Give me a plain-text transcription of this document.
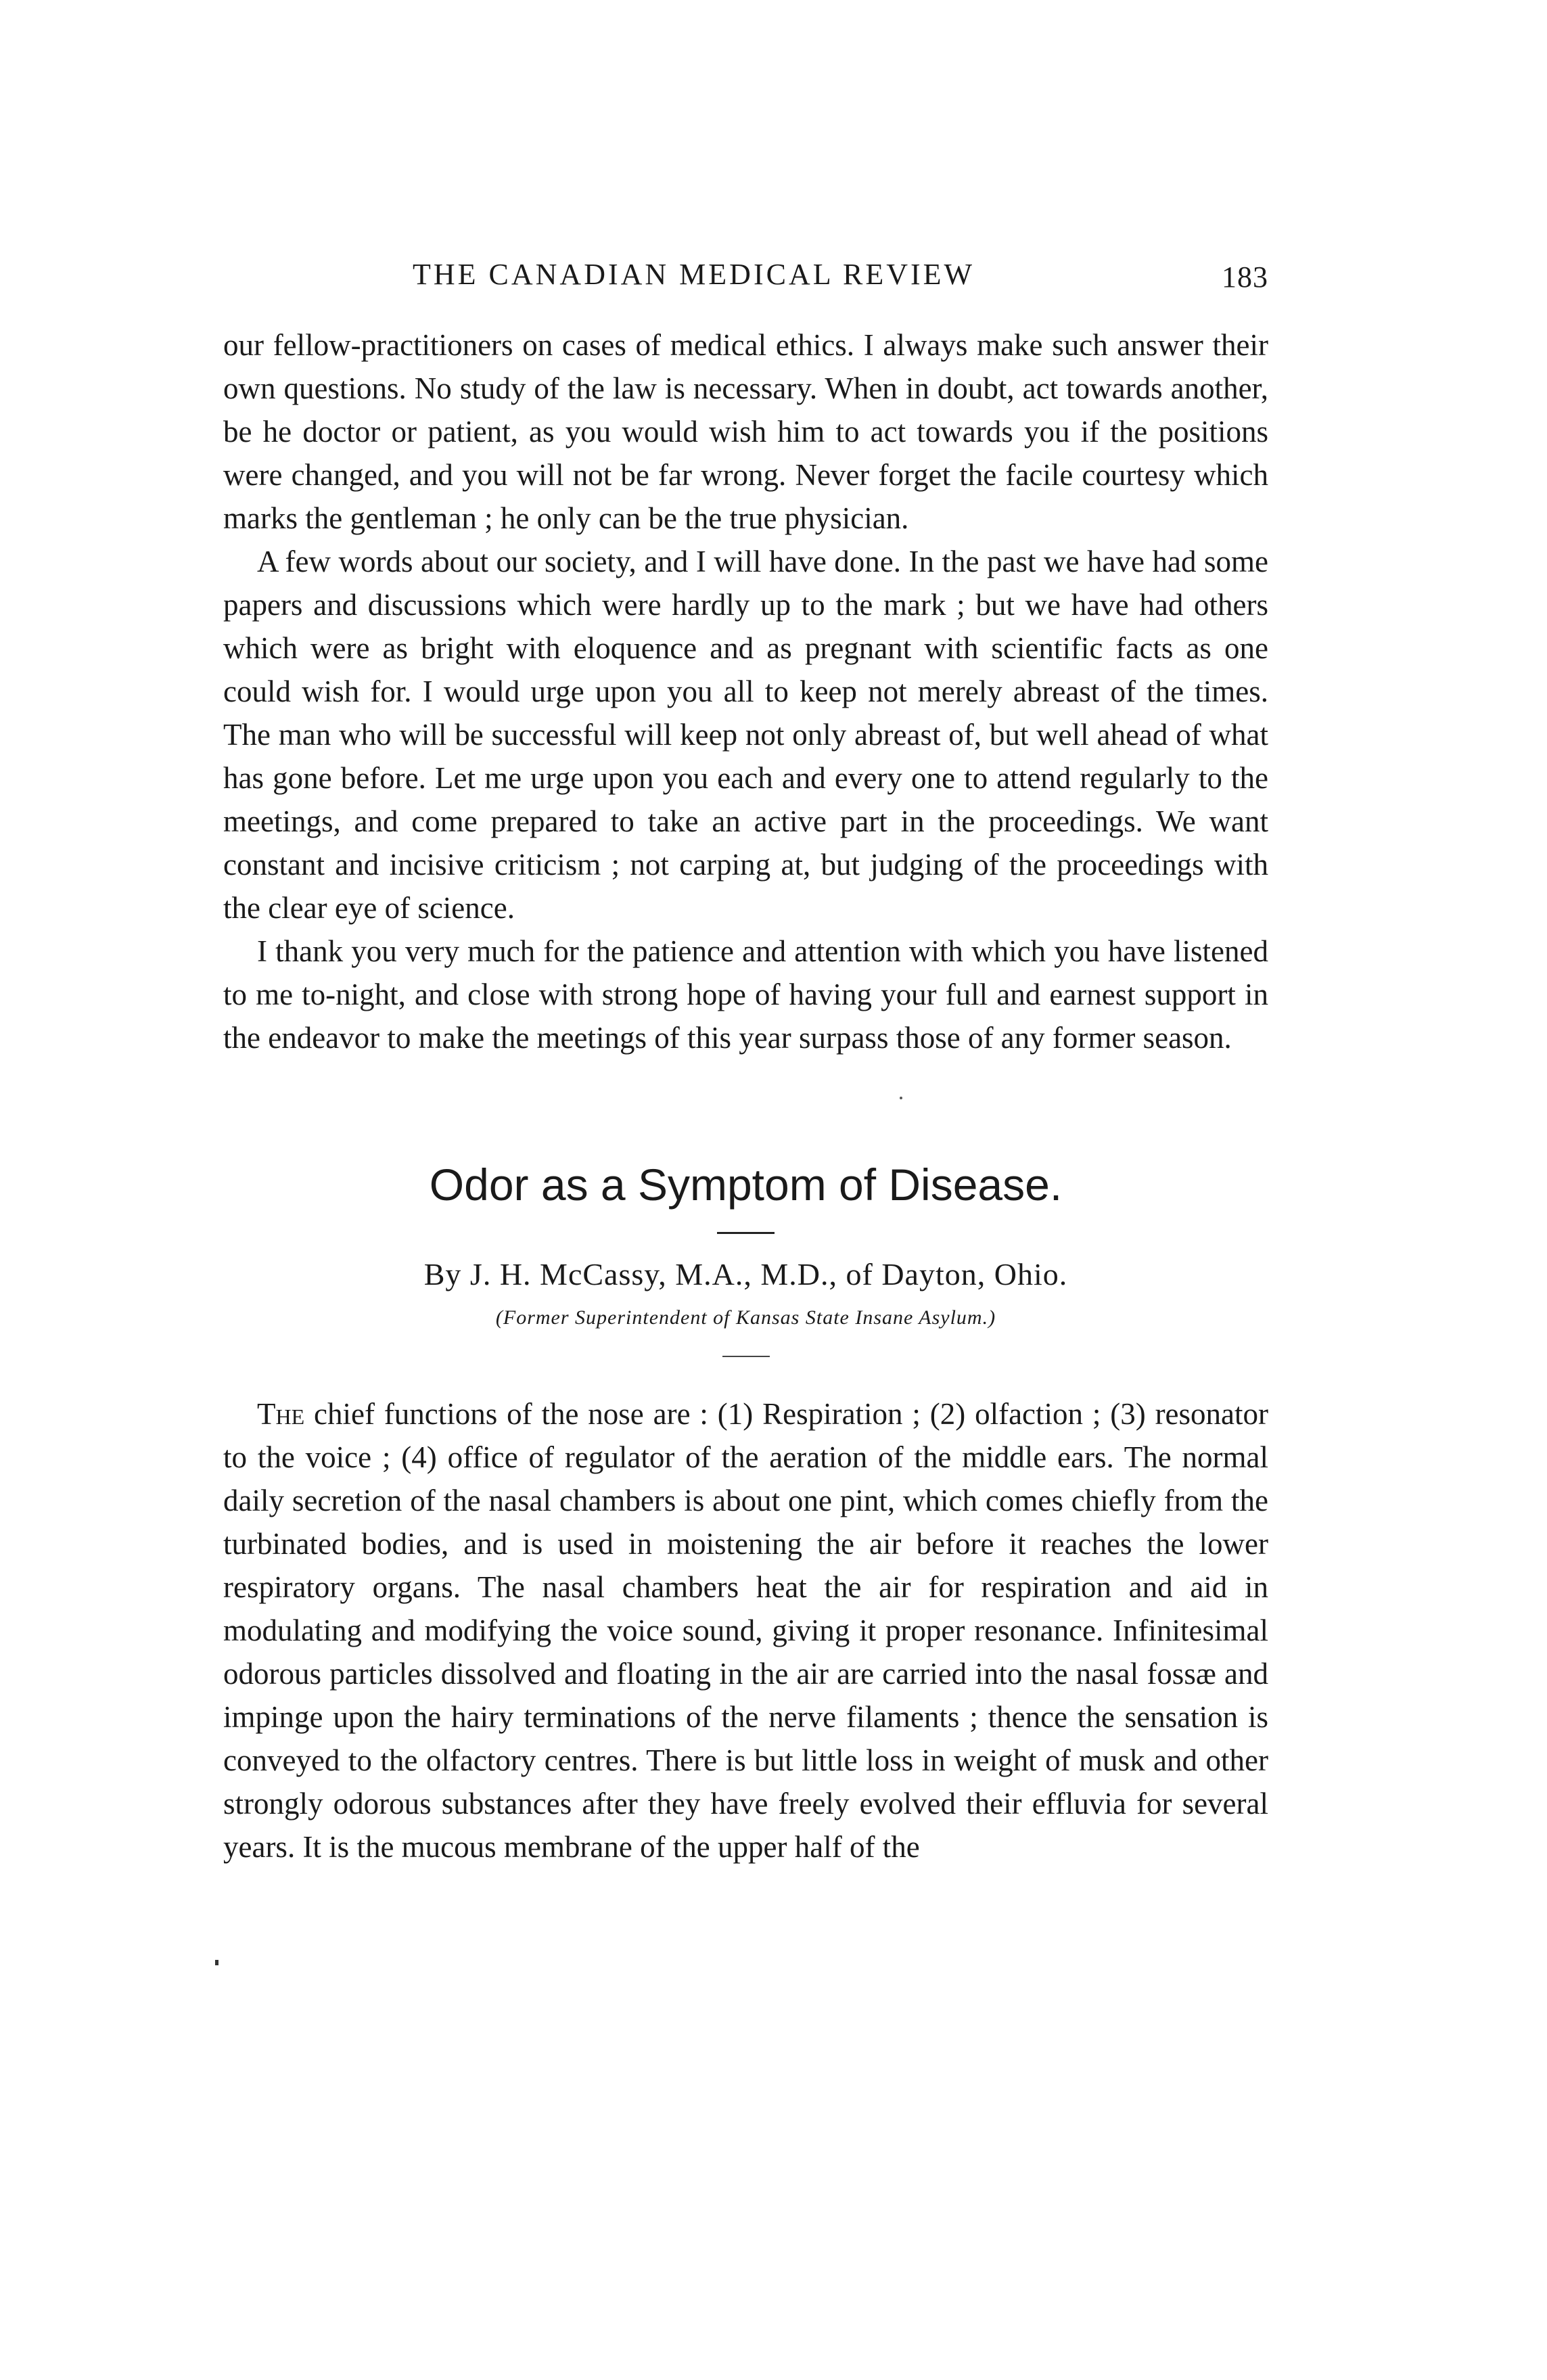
THE CANADIAN MEDICAL REVIEW	183

our fellow-practitioners on cases of medical ethics. I always make such answer their own questions. No study of the law is necessary. When in doubt, act towards another, be he doctor or patient, as you would wish him to act towards you if the positions were changed, and you will not be far wrong. Never forget the facile courtesy which marks the gentleman ; he only can be the true physician.

A few words about our society, and I will have done. In the past we have had some papers and discussions which were hardly up to the mark ; but we have had others which were as bright with eloquence and as pregnant with scientific facts as one could wish for. I would urge upon you all to keep not merely abreast of the times. The man who will be successful will keep not only abreast of, but well ahead of what has gone before. Let me urge upon you each and every one to attend regularly to the meetings, and come prepared to take an active part in the proceedings. We want constant and incisive criticism ; not carping at, but judging of the proceedings with the clear eye of science.

I thank you very much for the patience and attention with which you have listened to me to-night, and close with strong hope of having your full and earnest support in the endeavor to make the meetings of this year surpass those of any former season.

Odor as a Symptom of Disease.
By J. H. McCassy, M.A., M.D., of Dayton, Ohio.
(Former Superintendent of Kansas State Insane Asylum.)

The chief functions of the nose are : (1) Respiration ; (2) olfaction ; (3) resonator to the voice ; (4) office of regulator of the aeration of the middle ears. The normal daily secretion of the nasal chambers is about one pint, which comes chiefly from the turbinated bodies, and is used in moistening the air before it reaches the lower respiratory organs. The nasal chambers heat the air for respiration and aid in modulating and modifying the voice sound, giving it proper resonance. Infinitesimal odorous particles dissolved and floating in the air are carried into the nasal fossæ and impinge upon the hairy terminations of the nerve filaments ; thence the sensation is conveyed to the olfactory centres. There is but little loss in weight of musk and other strongly odorous substances after they have freely evolved their effluvia for several years. It is the mucous membrane of the upper half of the
